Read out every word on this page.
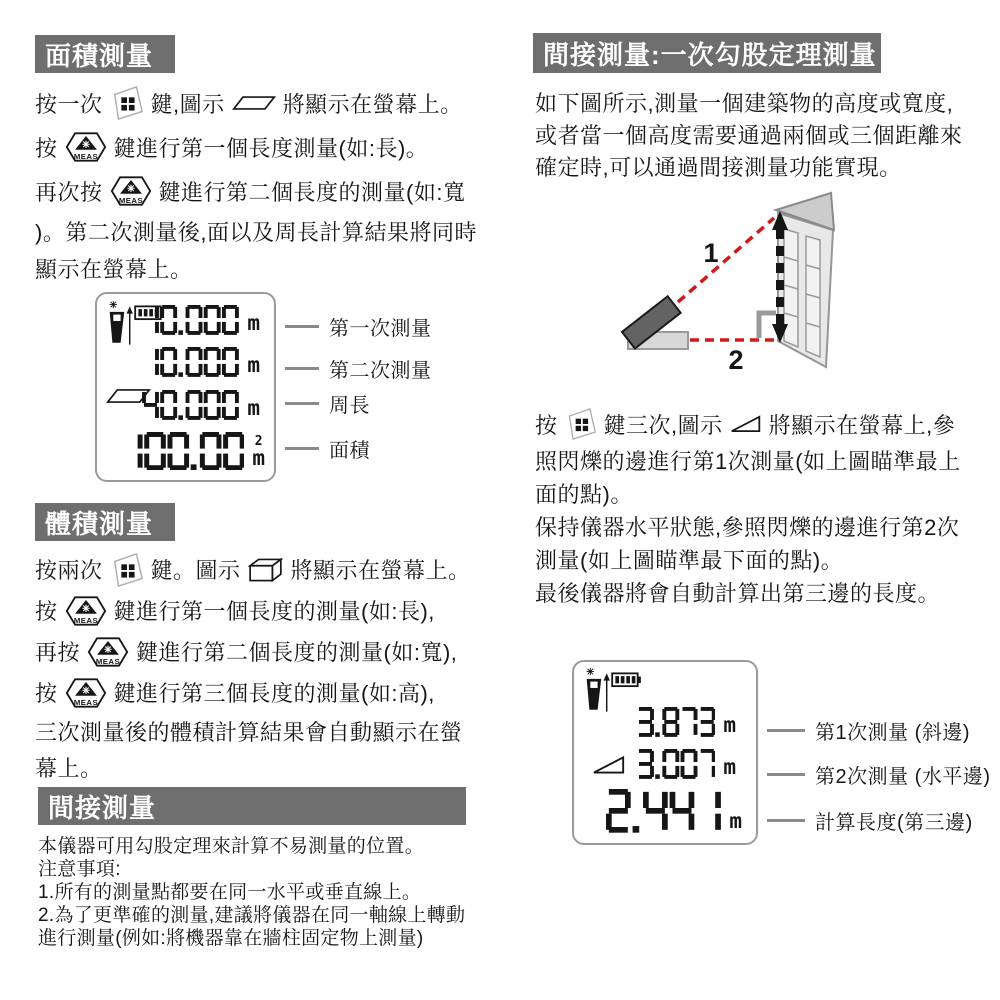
面積測量
按一次 鍵,圖示	將顯示在螢幕上。
按	鍵進行第一個長度測量(如:長)。
再次按	鍵進行第二個長度的測量(如:寬
)。第二次測量後,面以及周長計算結果將同時
顯示在螢幕上。
m
m
m
2
m
第一次測量
第二次測量
周長
面積
體積測量
按兩次 鍵。圖示 將顯示在螢幕上。
按	鍵進行第一個長度的測量(如:長),
再按	鍵進行第二個長度的測量(如:寬),
按	鍵進行第三個長度的測量(如:高),
三次測量後的體積計算結果會自動顯示在螢
幕上。
間接測量
本儀器可用勾股定理來計算不易測量的位置。
注意事項:
1.所有的測量點都要在同一水平或垂直線上。
2.為了更準確的測量,建議將儀器在同一軸線上轉動
進行測量(例如:將機器靠在牆柱固定物上測量)
間接測量:一次勾股定理測量
如下圖所示,測量一個建築物的高度或寬度,
或者當一個高度需要通過兩個或三個距離來
確定時,可以通過間接測量功能實現。
1
2
按 鍵三次,圖示 將顯示在螢幕上,參
照閃爍的邊進行第1次測量(如上圖瞄準最上
面的點)。
保持儀器水平狀態,參照閃爍的邊進行第2次
測量(如上圖瞄準最下面的點)。
最後儀器將會自動計算出第三邊的長度。
m
m
m
第1次測量 (斜邊)
第2次測量 (水平邊)
計算長度(第三邊)
